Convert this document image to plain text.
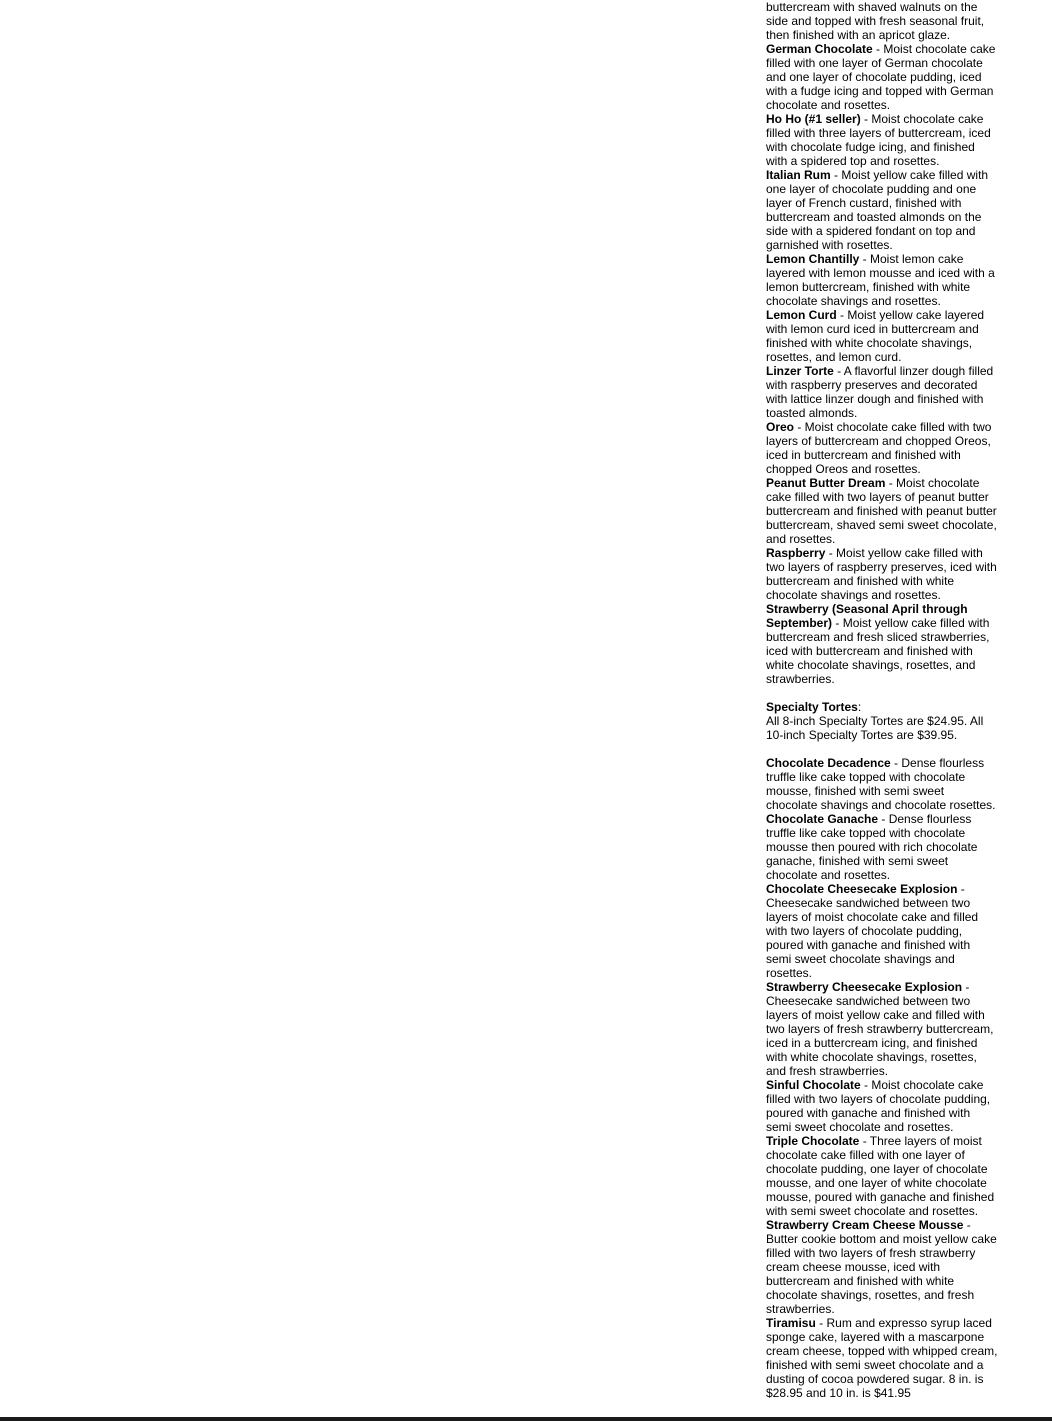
buttercream with shaved walnuts on the side and topped with fresh seasonal fruit, then finished with an apricot glaze.

German Chocolate - Moist chocolate cake filled with one layer of German chocolate and one layer of chocolate pudding, iced with a fudge icing and topped with German chocolate and rosettes.

Ho Ho (#1 seller) - Moist chocolate cake filled with three layers of buttercream, iced with chocolate fudge icing, and finished with a spidered top and rosettes.

Italian Rum - Moist yellow cake filled with one layer of chocolate pudding and one layer of French custard, finished with buttercream and toasted almonds on the side with a spidered fondant on top and garnished with rosettes.

Lemon Chantilly - Moist lemon cake layered with lemon mousse and iced with a lemon buttercream, finished with white chocolate shavings and rosettes.

Lemon Curd - Moist yellow cake layered with lemon curd iced in buttercream and finished with white chocolate shavings, rosettes, and lemon curd.

Linzer Torte - A flavorful linzer dough filled with raspberry preserves and decorated with lattice linzer dough and finished with toasted almonds.

Oreo - Moist chocolate cake filled with two layers of buttercream and chopped Oreos, iced in buttercream and finished with chopped Oreos and rosettes.

Peanut Butter Dream - Moist chocolate cake filled with two layers of peanut butter buttercream and finished with peanut butter buttercream, shaved semi sweet chocolate, and rosettes.

Raspberry - Moist yellow cake filled with two layers of raspberry preserves, iced with buttercream and finished with white chocolate shavings and rosettes.

Strawberry (Seasonal April through September) - Moist yellow cake filled with buttercream and fresh sliced strawberries, iced with buttercream and finished with white chocolate shavings, rosettes, and strawberries.

Specialty Tortes:

All 8-inch Specialty Tortes are $24.95. All 10-inch Specialty Tortes are $39.95.

Chocolate Decadence - Dense flourless truffle like cake topped with chocolate mousse, finished with semi sweet chocolate shavings and chocolate rosettes.

Chocolate Ganache - Dense flourless truffle like cake topped with chocolate mousse then poured with rich chocolate ganache, finished with semi sweet chocolate and rosettes.

Chocolate Cheesecake Explosion - Cheesecake sandwiched between two layers of moist chocolate cake and filled with two layers of chocolate pudding, poured with ganache and finished with semi sweet chocolate shavings and rosettes.

Strawberry Cheesecake Explosion - Cheesecake sandwiched between two layers of moist yellow cake and filled with two layers of fresh strawberry buttercream, iced in a buttercream icing, and finished with white chocolate shavings, rosettes, and fresh strawberries.

Sinful Chocolate - Moist chocolate cake filled with two layers of chocolate pudding, poured with ganache and finished with semi sweet chocolate and rosettes.

Triple Chocolate - Three layers of moist chocolate cake filled with one layer of chocolate pudding, one layer of chocolate mousse, and one layer of white chocolate mousse, poured with ganache and finished with semi sweet chocolate and rosettes.

Strawberry Cream Cheese Mousse - Butter cookie bottom and moist yellow cake filled with two layers of fresh strawberry cream cheese mousse, iced with buttercream and finished with white chocolate shavings, rosettes, and fresh strawberries.

Tiramisu - Rum and expresso syrup laced sponge cake, layered with a mascarpone cream cheese, topped with whipped cream, finished with semi sweet chocolate and a dusting of cocoa powdered sugar. 8 in. is $28.95 and 10 in. is $41.95
